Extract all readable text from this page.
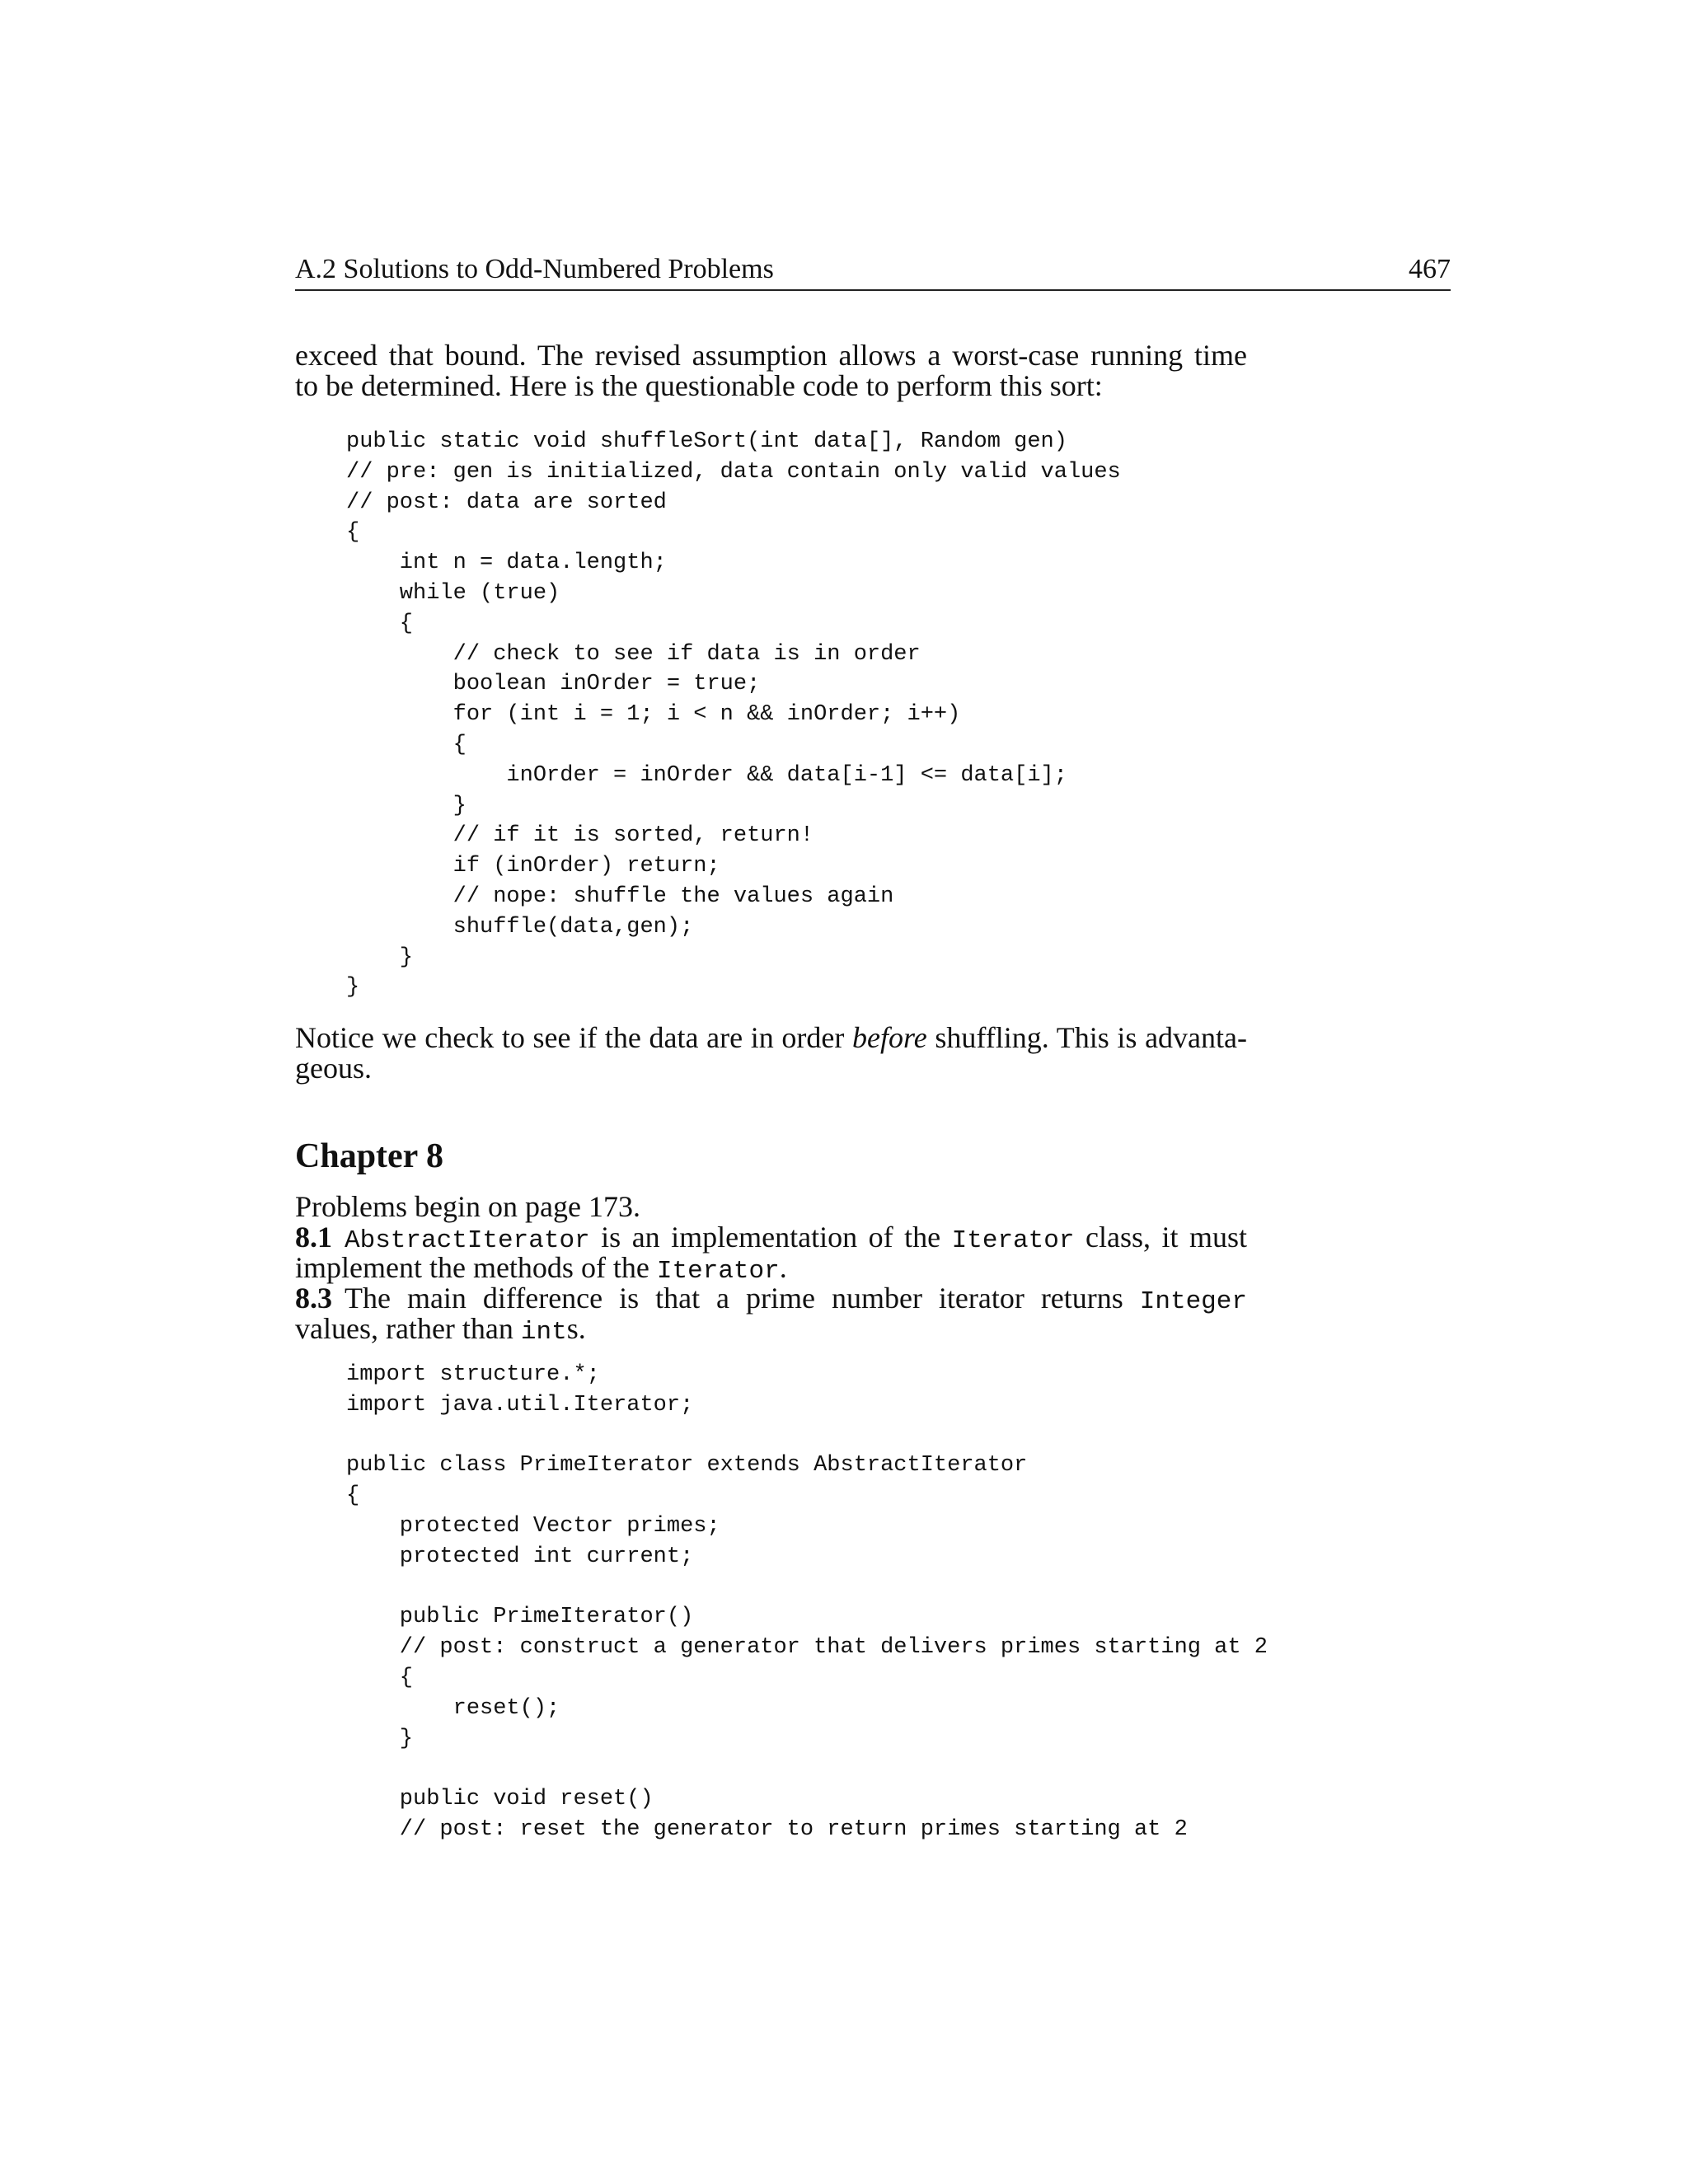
A.2 Solutions to Odd-Numbered Problems	467
exceed that bound. The revised assumption allows a worst-case running time
to be determined. Here is the questionable code to perform this sort:
public static void shuffleSort(int data[], Random gen)
// pre: gen is initialized, data contain only valid values
// post: data are sorted
{
int n = data.length;
while (true)
{
// check to see if data is in order
boolean inOrder = true;
for (int i = 1; i < n && inOrder; i++)
{
inOrder = inOrder && data[i-1] <= data[i];
}
// if it is sorted, return!
if (inOrder) return;
// nope: shuffle the values again
shuffle(data,gen);
}
}
Notice we check to see if the data are in order before shuffling. This is advanta-
geous.
Chapter 8
Problems begin on page 173.
8.1 AbstractIterator is an implementation of the Iterator class, it must
implement the methods of the Iterator.
8.3 The main difference is that a prime number iterator returns Integer
values, rather than ints.
import structure.*;
import java.util.Iterator;
public class PrimeIterator extends AbstractIterator
{
protected Vector primes;
protected int current;
public PrimeIterator()
// post: construct a generator that delivers primes starting at 2
{
reset();
}
public void reset()
// post: reset the generator to return primes starting at 2
